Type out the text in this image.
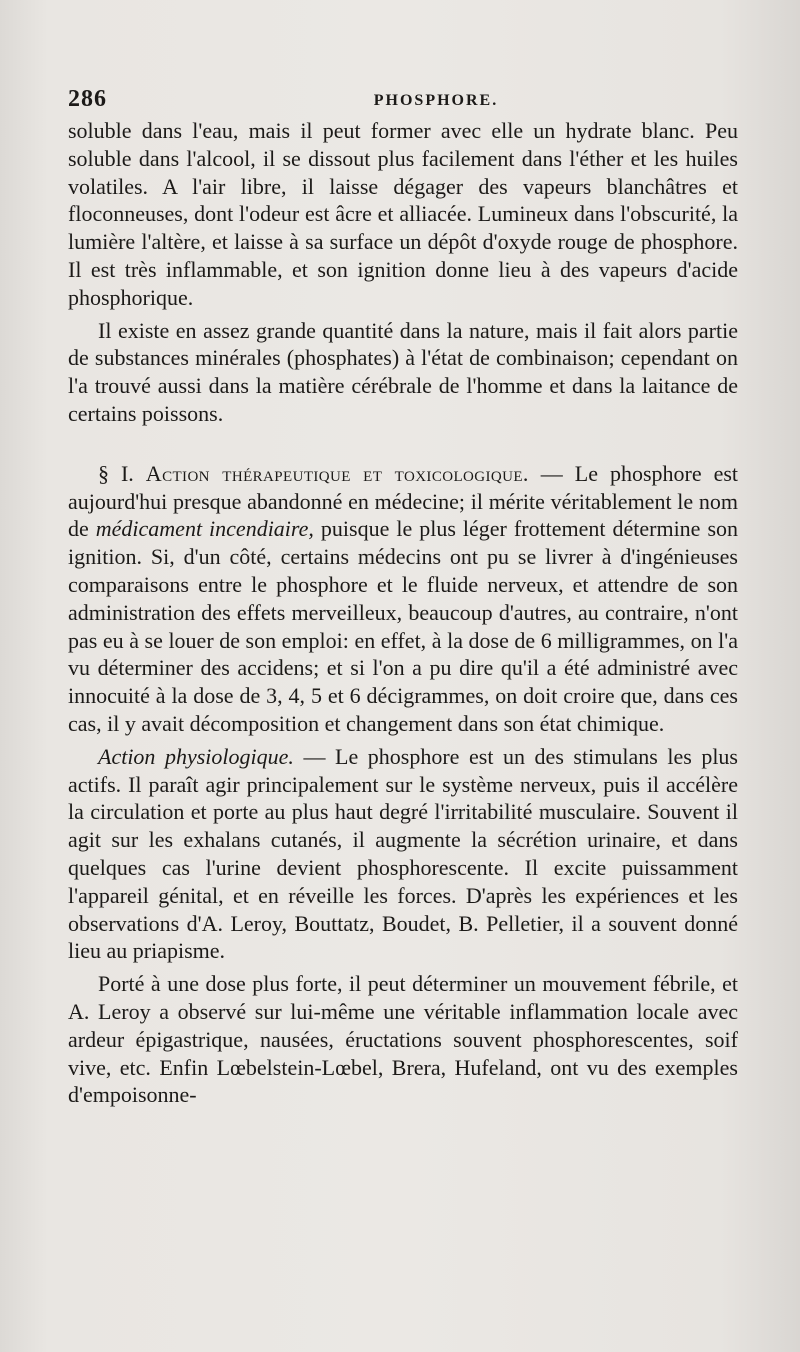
286	PHOSPHORE.

soluble dans l'eau, mais il peut former avec elle un hydrate blanc. Peu soluble dans l'alcool, il se dissout plus facilement dans l'éther et les huiles volatiles. A l'air libre, il laisse dégager des vapeurs blanchâtres et floconneuses, dont l'odeur est âcre et alliacée. Lumineux dans l'obscurité, la lumière l'altère, et laisse à sa surface un dépôt d'oxyde rouge de phosphore. Il est très inflammable, et son ignition donne lieu à des vapeurs d'acide phosphorique.

Il existe en assez grande quantité dans la nature, mais il fait alors partie de substances minérales (phosphates) à l'état de combinaison; cependant on l'a trouvé aussi dans la matière cérébrale de l'homme et dans la laitance de certains poissons.

§ I. Action thérapeutique et toxicologique. — Le phosphore est aujourd'hui presque abandonné en médecine; il mérite véritablement le nom de médicament incendiaire, puisque le plus léger frottement détermine son ignition. Si, d'un côté, certains médecins ont pu se livrer à d'ingénieuses comparaisons entre le phosphore et le fluide nerveux, et attendre de son administration des effets merveilleux, beaucoup d'autres, au contraire, n'ont pas eu à se louer de son emploi: en effet, à la dose de 6 milligrammes, on l'a vu déterminer des accidens; et si l'on a pu dire qu'il a été administré avec innocuité à la dose de 3, 4, 5 et 6 décigrammes, on doit croire que, dans ces cas, il y avait décomposition et changement dans son état chimique.

Action physiologique. — Le phosphore est un des stimulans les plus actifs. Il paraît agir principalement sur le système nerveux, puis il accélère la circulation et porte au plus haut degré l'irritabilité musculaire. Souvent il agit sur les exhalans cutanés, il augmente la sécrétion urinaire, et dans quelques cas l'urine devient phosphorescente. Il excite puissamment l'appareil génital, et en réveille les forces. D'après les expériences et les observations d'A. Leroy, Bouttatz, Boudet, B. Pelletier, il a souvent donné lieu au priapisme.

Porté à une dose plus forte, il peut déterminer un mouvement fébrile, et A. Leroy a observé sur lui-même une véritable inflammation locale avec ardeur épigastrique, nausées, éructations souvent phosphorescentes, soif vive, etc. Enfin Lœbelstein-Lœbel, Brera, Hufeland, ont vu des exemples d'empoisonne-
